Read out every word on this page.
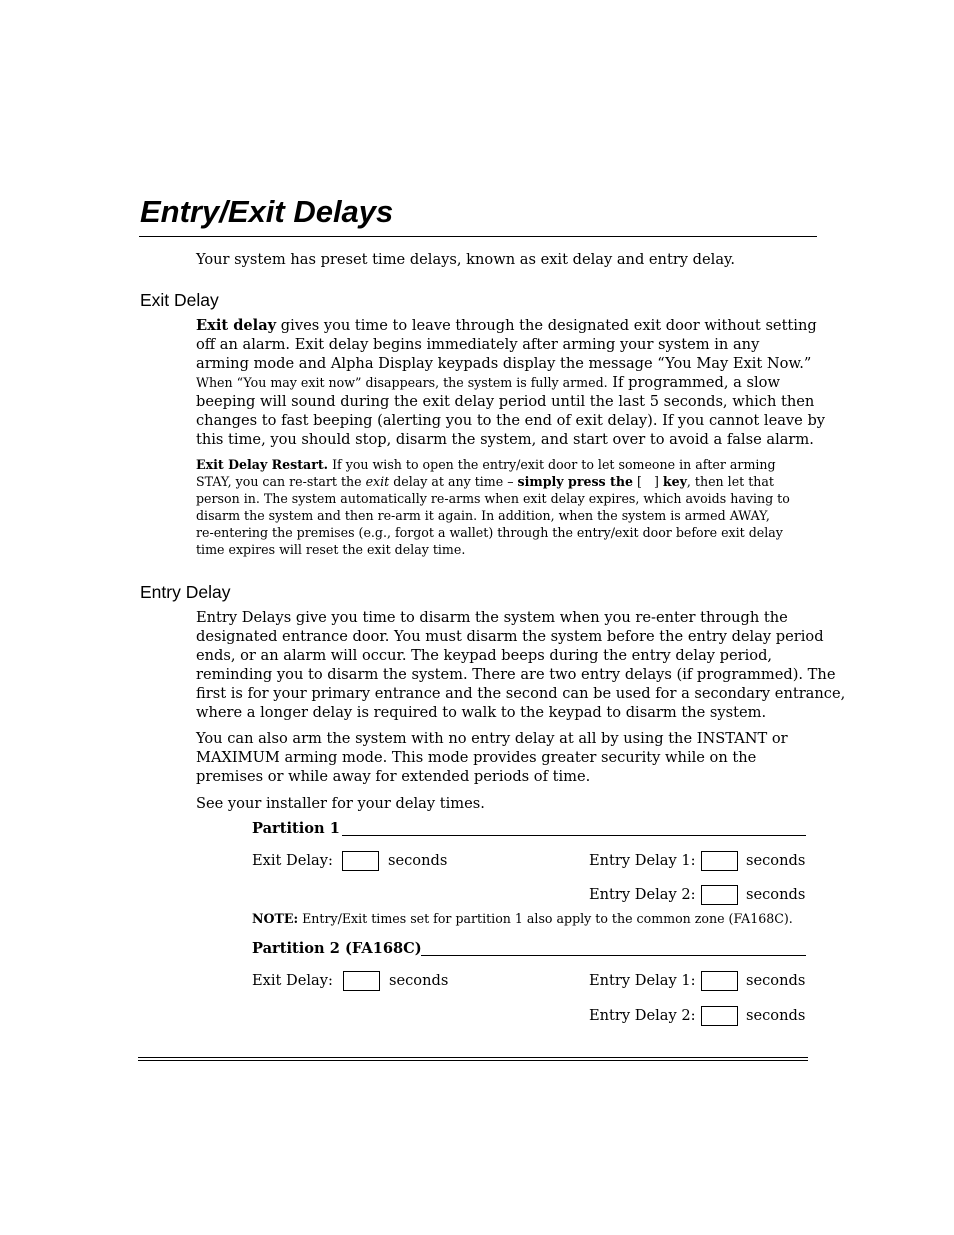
Entry/Exit Delays
Your system has preset time delays, known as exit delay and entry delay.
Exit Delay
Exit delay gives you time to leave through the designated exit door without setting
off an alarm. Exit delay begins immediately after arming your system in any
arming mode and Alpha Display keypads display the message “You May Exit Now.”
When “You may exit now” disappears, the system is fully armed. If programmed, a slow
beeping will sound during the exit delay period until the last 5 seconds, which then
changes to fast beeping (alerting you to the end of exit delay). If you cannot leave by
this time, you should stop, disarm the system, and start over to avoid a false alarm.
Exit Delay Restart. If you wish to open the entry/exit door to let someone in after arming
STAY, you can re-start the exit delay at any time – simply press the [   ] key, then let that
person in. The system automatically re-arms when exit delay expires, which avoids having to
disarm the system and then re-arm it again. In addition, when the system is armed AWAY,
re-entering the premises (e.g., forgot a wallet) through the entry/exit door before exit delay
time expires will reset the exit delay time.
Entry Delay
Entry Delays give you time to disarm the system when you re-enter through the
designated entrance door. You must disarm the system before the entry delay period
ends, or an alarm will occur. The keypad beeps during the entry delay period,
reminding you to disarm the system. There are two entry delays (if programmed). The
first is for your primary entrance and the second can be used for a secondary entrance,
where a longer delay is required to walk to the keypad to disarm the system.
You can also arm the system with no entry delay at all by using the INSTANT or
MAXIMUM arming mode. This mode provides greater security while on the
premises or while away for extended periods of time.
See your installer for your delay times.
Partition 1
Exit Delay:	seconds	Entry Delay 1:	seconds
Entry Delay 2:	seconds
NOTE: Entry/Exit times set for partition 1 also apply to the common zone (FA168C).
Partition 2 (FA168C)
Exit Delay:	seconds	Entry Delay 1:	seconds
Entry Delay 2:	seconds
